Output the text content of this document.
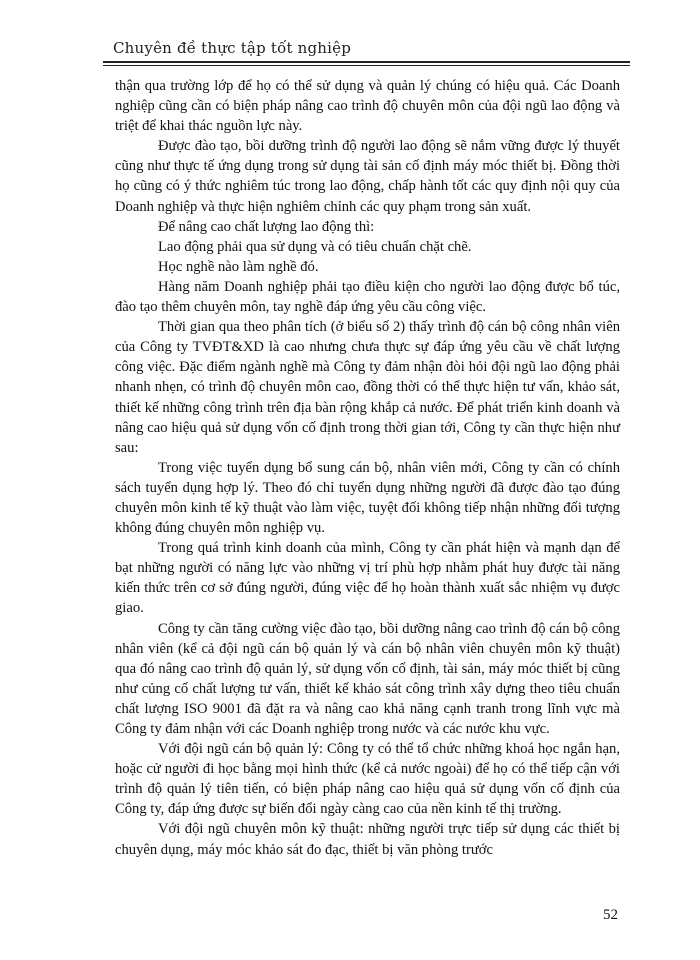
Chuyên đề thực tập tốt nghiệp

thận qua trường lớp để họ có thể sử dụng và quản lý chúng có hiệu quả. Các Doanh nghiệp cũng cần có biện pháp nâng cao trình độ chuyên môn của đội ngũ lao động và triệt để khai thác nguồn lực này.

Được đào tạo, bồi dưỡng trình độ người lao động sẽ nắm vững được lý thuyết cũng như thực tế ứng dụng trong sử dụng tài sản cố định máy móc thiết bị. Đồng thời họ cũng có ý thức nghiêm túc trong lao động, chấp hành tốt các quy định nội quy của Doanh nghiệp và thực hiện nghiêm chỉnh các quy phạm trong sản xuất.

Để nâng cao chất lượng lao động thì:

Lao động phải qua sử dụng và có tiêu chuẩn chặt chẽ.

Học nghề nào làm nghề đó.

Hàng năm Doanh nghiệp phải tạo điều kiện cho người lao động được bổ túc, đào tạo thêm chuyên môn, tay nghề đáp ứng yêu cầu công việc.

Thời gian qua theo phân tích (ở biểu số 2) thấy trình độ cán bộ công nhân viên của Công ty TVĐT&XD là cao nhưng chưa thực sự đáp ứng yêu cầu về chất lượng công việc. Đặc điểm ngành nghề mà Công ty đảm nhận đòi hỏi đội ngũ lao động phải nhanh nhẹn, có trình độ chuyên môn cao, đồng thời có thể thực hiện tư vấn, khảo sát, thiết kế những công trình trên địa bàn rộng khắp cả nước. Để phát triển kinh doanh và nâng cao hiệu quả sử dụng vốn cố định trong thời gian tới, Công ty cần thực hiện như sau:

Trong việc tuyển dụng bổ sung cán bộ, nhân viên mới, Công ty cần có chính sách tuyển dụng hợp lý. Theo đó chỉ tuyển dụng những người đã được đào tạo đúng chuyên môn kinh tế kỹ thuật vào làm việc, tuyệt đối không tiếp nhận những đối tượng không đúng chuyên môn nghiệp vụ.

Trong quá trình kinh doanh của mình, Công ty cần phát hiện và mạnh dạn để bạt những người có năng lực vào những vị trí phù hợp nhằm phát huy được tài năng kiến thức trên cơ sở đúng người, đúng việc để họ hoàn thành xuất sắc nhiệm vụ được giao.

Công ty cần tăng cường việc đào tạo, bồi dưỡng nâng cao trình độ cán bộ công nhân viên (kể cả đội ngũ cán bộ quản lý và cán bộ nhân viên chuyên môn kỹ thuật) qua đó nâng cao trình độ quản lý, sử dụng vốn cố định, tài sản, máy móc thiết bị cũng như củng cố chất lượng tư vấn, thiết kế khảo sát công trình xây dựng theo tiêu chuẩn chất lượng ISO 9001 đã đặt ra và nâng cao khả năng cạnh tranh trong lĩnh vực mà Công ty đảm nhận với các Doanh nghiệp trong nước và các nước khu vực.

Với đội ngũ cán bộ quản lý: Công ty có thể tổ chức những khoá học ngắn hạn, hoặc cử người đi học bằng mọi hình thức (kể cả nước ngoài) để họ có thể tiếp cận với trình độ quản lý tiên tiến, có biện pháp nâng cao hiệu quả sử dụng vốn cố định của Công ty, đáp ứng được sự biến đổi ngày càng cao của nền kinh tế thị trường.

Với đội ngũ chuyên môn kỹ thuật: những người trực tiếp sử dụng các thiết bị chuyên dụng, máy móc khảo sát đo đạc, thiết bị văn phòng trước

52
